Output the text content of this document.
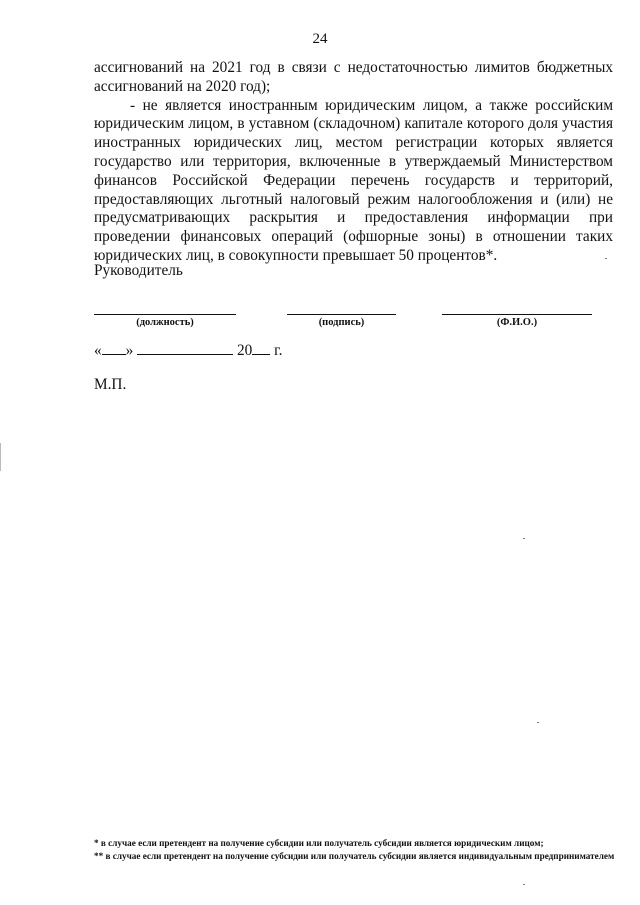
24

ассигнований на 2021 год в связи с недостаточностью лимитов бюджетных ассигнований на 2020 год);

- не является иностранным юридическим лицом, а также российским юридическим лицом, в уставном (складочном) капитале которого доля участия иностранных юридических лиц, местом регистрации которых является государство или территория, включенные в утверждаемый Министерством финансов Российской Федерации перечень государств и территорий, предоставляющих льготный налоговый режим налогообложения и (или) не предусматривающих раскрытия и предоставления информации при проведении финансовых операций (офшорные зоны) в отношении таких юридических лиц, в совокупности превышает 50 процентов*.

Руководитель
(должность)	(подпись)	(Ф.И.О.)
« »	20 г.
М.П.
* в случае если претендент на получение субсидии или получатель субсидии является юридическим лицом;
** в случае если претендент на получение субсидии или получатель субсидии является индивидуальным предпринимателем
